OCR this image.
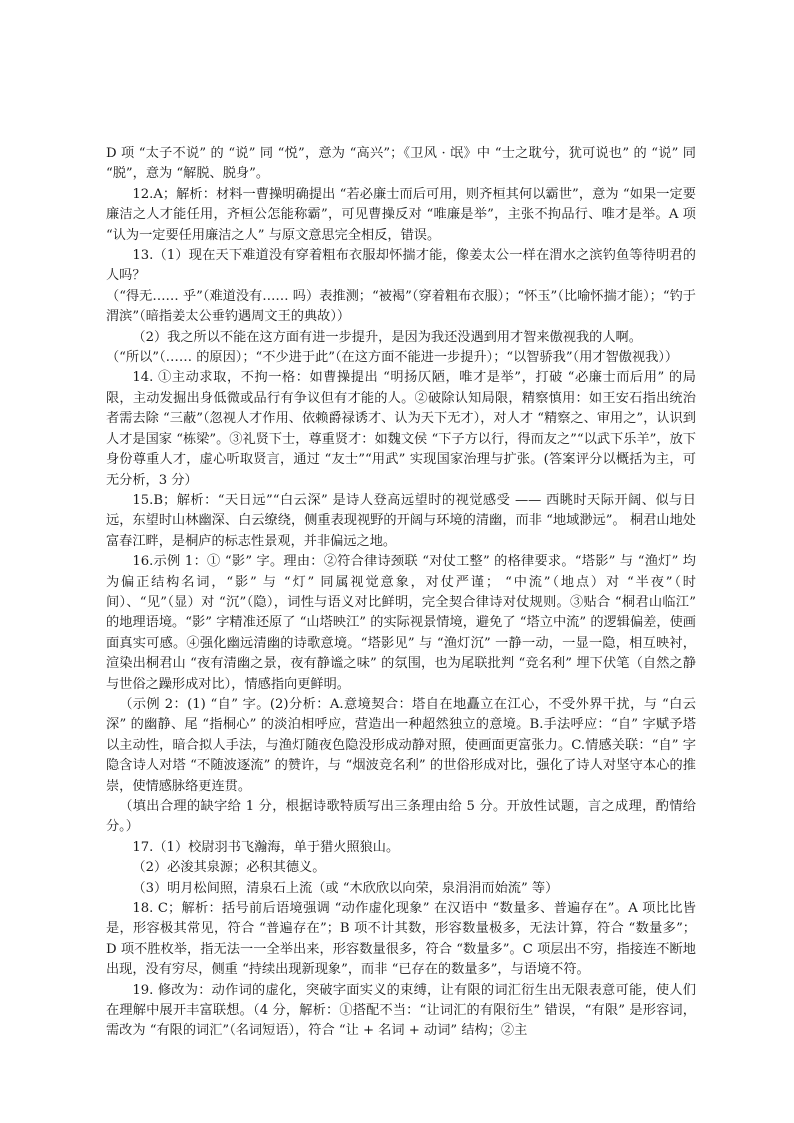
D 项 “太子不说” 的 “说” 同 “悦”，意为 “高兴”；《卫风 · 氓》中 “士之耽兮，犹可说也” 的 “说” 同 “脱”，意为 “解脱、脱身”。

12.A；解析：材料一曹操明确提出 “若必廉士而后可用，则齐桓其何以霸世”，意为 “如果一定要廉洁之人才能任用，齐桓公怎能称霸”，可见曹操反对 “唯廉是举”，主张不拘品行、唯才是举。A 项 “认为一定要任用廉洁之人” 与原文意思完全相反，错误。

13.（1）现在天下难道没有穿着粗布衣服却怀揣才能，像姜太公一样在渭水之滨钓鱼等待明君的人吗？

（“得无…… 乎”（难道没有…… 吗）表推测；“被褐”（穿着粗布衣服）；“怀玉”（比喻怀揣才能）；“钓于渭滨”（暗指姜太公垂钓遇周文王的典故））

（2）我之所以不能在这方面有进一步提升，是因为我还没遇到用才智来傲视我的人啊。

（“所以”（…… 的原因）；“不少进于此”（在这方面不能进一步提升）；“以智骄我”（用才智傲视我））

14. ①主动求取，不拘一格：如曹操提出 “明扬仄陋，唯才是举”，打破 “必廉士而后用” 的局限，主动发掘出身低微或品行有争议但有才能的人。②破除认知局限，精察慎用：如王安石指出统治者需去除 “三蔽”（忽视人才作用、依赖爵禄诱才、认为天下无才），对人才 “精察之、审用之”，认识到人才是国家 “栋梁”。③礼贤下士，尊重贤才：如魏文侯 “下子方以行，得而友之”“以武下乐羊”，放下身份尊重人才，虚心听取贤言，通过 “友士”“用武” 实现国家治理与扩张。(答案评分以概括为主，可无分析，3 分）

15.B；解析：“天日远”“白云深” 是诗人登高远望时的视觉感受 —— 西眺时天际开阔、似与日远，东望时山林幽深、白云缭绕，侧重表现视野的开阔与环境的清幽，而非 “地域渺远”。 桐君山地处富春江畔，是桐庐的标志性景观，并非偏远之地。

16.示例 1：① “影” 字。理由：②符合律诗颈联 “对仗工整” 的格律要求。“塔影” 与 “渔灯” 均为偏正结构名词，“影” 与 “灯” 同属视觉意象，对仗严谨； “中流”（地点）对 “半夜”（时间）、“见”（显）对 “沉”（隐），词性与语义对比鲜明，完全契合律诗对仗规则。③贴合 “桐君山临江” 的地理语境。“影” 字精准还原了 “山塔映江” 的实际视景情境，避免了 “塔立中流” 的逻辑偏差，使画面真实可感。④强化幽远清幽的诗歌意境。“塔影见” 与 “渔灯沉” 一静一动，一显一隐，相互映衬，渲染出桐君山 “夜有清幽之景，夜有静谧之味” 的氛围，也为尾联批判 “竞名利” 埋下伏笔（自然之静与世俗之躁形成对比），情感指向更鲜明。

（示例 2：(1) “自” 字。(2)分析：A.意境契合：塔自在地矗立在江心，不受外界干扰，与 “白云深” 的幽静、尾 “指桐心” 的淡泊相呼应，营造出一种超然独立的意境。B.手法呼应：“自” 字赋予塔以主动性，暗合拟人手法，与渔灯随夜色隐没形成动静对照，使画面更富张力。C.情感关联：“自” 字隐含诗人对塔 “不随波逐流” 的赞许，与 “烟波竞名利” 的世俗形成对比，强化了诗人对坚守本心的推崇，使情感脉络更连贯。

（填出合理的缺字给 1 分，根据诗歌特质写出三条理由给 5 分。开放性试题，言之成理，酌情给分。）

17.（1）校尉羽书飞瀚海，单于猎火照狼山。

（2）必浚其泉源；必积其德义。

（3）明月松间照，清泉石上流（或 “木欣欣以向荣，泉涓涓而始流” 等）

18. C；解析：括号前后语境强调 “动作虚化现象” 在汉语中 “数量多、普遍存在”。A 项比比皆是，形容极其常见，符合 “普遍存在”；B 项不计其数，形容数量极多，无法计算，符合 “数量多”； D 项不胜枚举，指无法一一全举出来，形容数量很多，符合 “数量多”。C 项层出不穷，指接连不断地出现，没有穷尽，侧重 “持续出现新现象”，而非 “已存在的数量多”，与语境不符。

19. 修改为：动作词的虚化，突破字面实义的束缚，让有限的词汇衍生出无限表意可能，使人们在理解中展开丰富联想。（4 分，解析：①搭配不当：“让词汇的有限衍生” 错误，“有限” 是形容词，需改为 “有限的词汇”（名词短语），符合 “让 + 名词 + 动词” 结构；②主
